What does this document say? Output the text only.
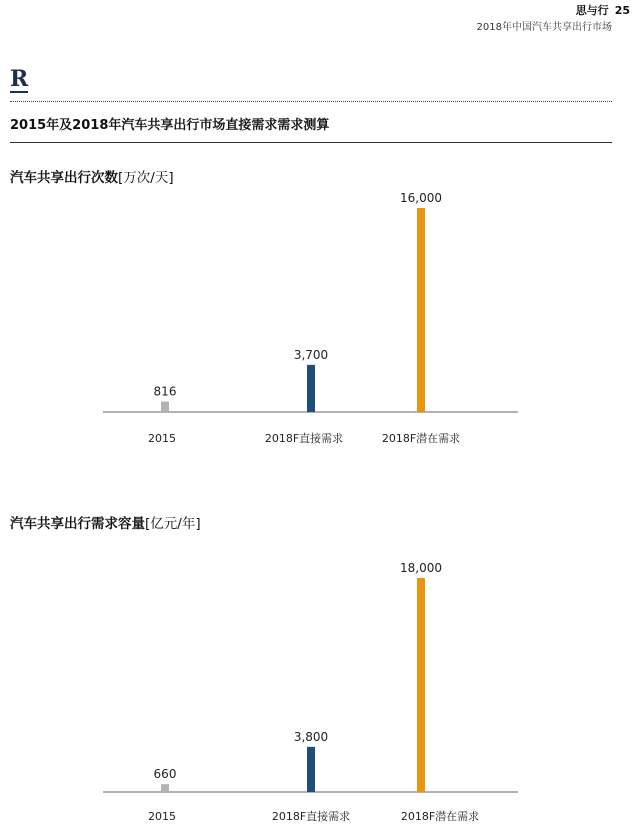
思与行 25
2018年中国汽车共享出行市场
R
2015年及2018年汽车共享出行市场直接需求需求测算
汽车共享出行次数[万次/天]
816
2015
3,700
2018F直接需求
16,000
2018F潜在需求
汽车共享出行需求容量[亿元/年]
660
2015
3,800
2018F直接需求
18,000
2018F潜在需求
